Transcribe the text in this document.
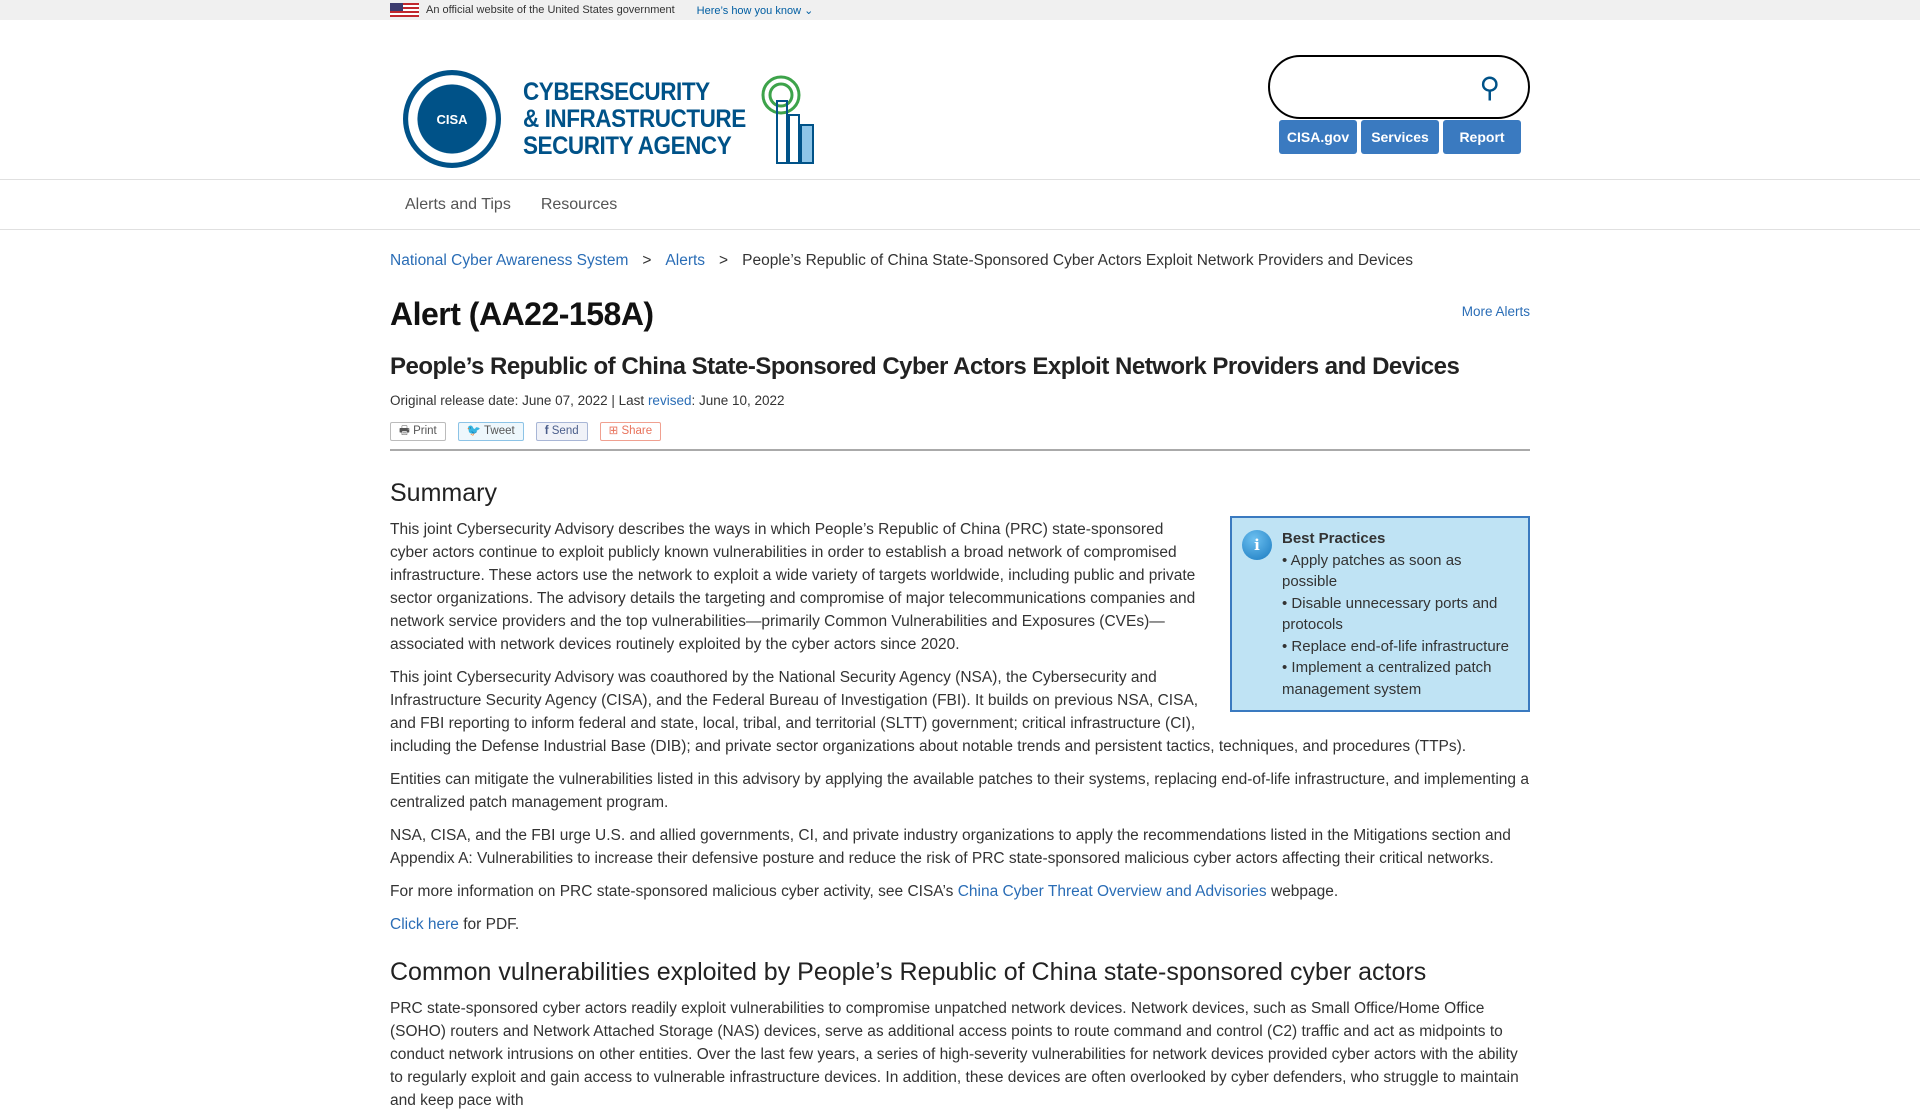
An official website of the United States government Here’s how you know ⌄
CISA
CYBERSECURITY
& INFRASTRUCTURE
SECURITY AGENCY
⚲
CISA.gov	Services	Report
Alerts and Tips	Resources
National Cyber Awareness System > Alerts > People’s Republic of China State-Sponsored Cyber Actors Exploit Network Providers and Devices
Alert (AA22-158A)	More Alerts
People’s Republic of China State-Sponsored Cyber Actors Exploit Network Providers and Devices
Original release date: June 07, 2022 | Last revised: June 10, 2022
🖶 Print	🐦 Tweet	f Send	⊞ Share
Summary
i	Best Practices
• Apply patches as soon as possible
• Disable unnecessary ports and protocols
• Replace end-of-life infrastructure
• Implement a centralized patch management system

This joint Cybersecurity Advisory describes the ways in which People’s Republic of China (PRC) state-sponsored cyber actors continue to exploit publicly known vulnerabilities in order to establish a broad network of compromised infrastructure. These actors use the network to exploit a wide variety of targets worldwide, including public and private sector organizations. The advisory details the targeting and compromise of major telecommunications companies and network service providers and the top vulnerabilities—primarily Common Vulnerabilities and Exposures (CVEs)—associated with network devices routinely exploited by the cyber actors since 2020.

This joint Cybersecurity Advisory was coauthored by the National Security Agency (NSA), the Cybersecurity and Infrastructure Security Agency (CISA), and the Federal Bureau of Investigation (FBI). It builds on previous NSA, CISA, and FBI reporting to inform federal and state, local, tribal, and territorial (SLTT) government; critical infrastructure (CI), including the Defense Industrial Base (DIB); and private sector organizations about notable trends and persistent tactics, techniques, and procedures (TTPs).

Entities can mitigate the vulnerabilities listed in this advisory by applying the available patches to their systems, replacing end-of-life infrastructure, and implementing a centralized patch management program.

NSA, CISA, and the FBI urge U.S. and allied governments, CI, and private industry organizations to apply the recommendations listed in the Mitigations section and Appendix A: Vulnerabilities to increase their defensive posture and reduce the risk of PRC state-sponsored malicious cyber actors affecting their critical networks.

For more information on PRC state-sponsored malicious cyber activity, see CISA’s China Cyber Threat Overview and Advisories webpage.

Click here for PDF.

Common vulnerabilities exploited by People’s Republic of China state-sponsored cyber actors

PRC state-sponsored cyber actors readily exploit vulnerabilities to compromise unpatched network devices. Network devices, such as Small Office/Home Office (SOHO) routers and Network Attached Storage (NAS) devices, serve as additional access points to route command and control (C2) traffic and act as midpoints to conduct network intrusions on other entities. Over the last few years, a series of high-severity vulnerabilities for network devices provided cyber actors with the ability to regularly exploit and gain access to vulnerable infrastructure devices. In addition, these devices are often overlooked by cyber defenders, who struggle to maintain and keep pace with
